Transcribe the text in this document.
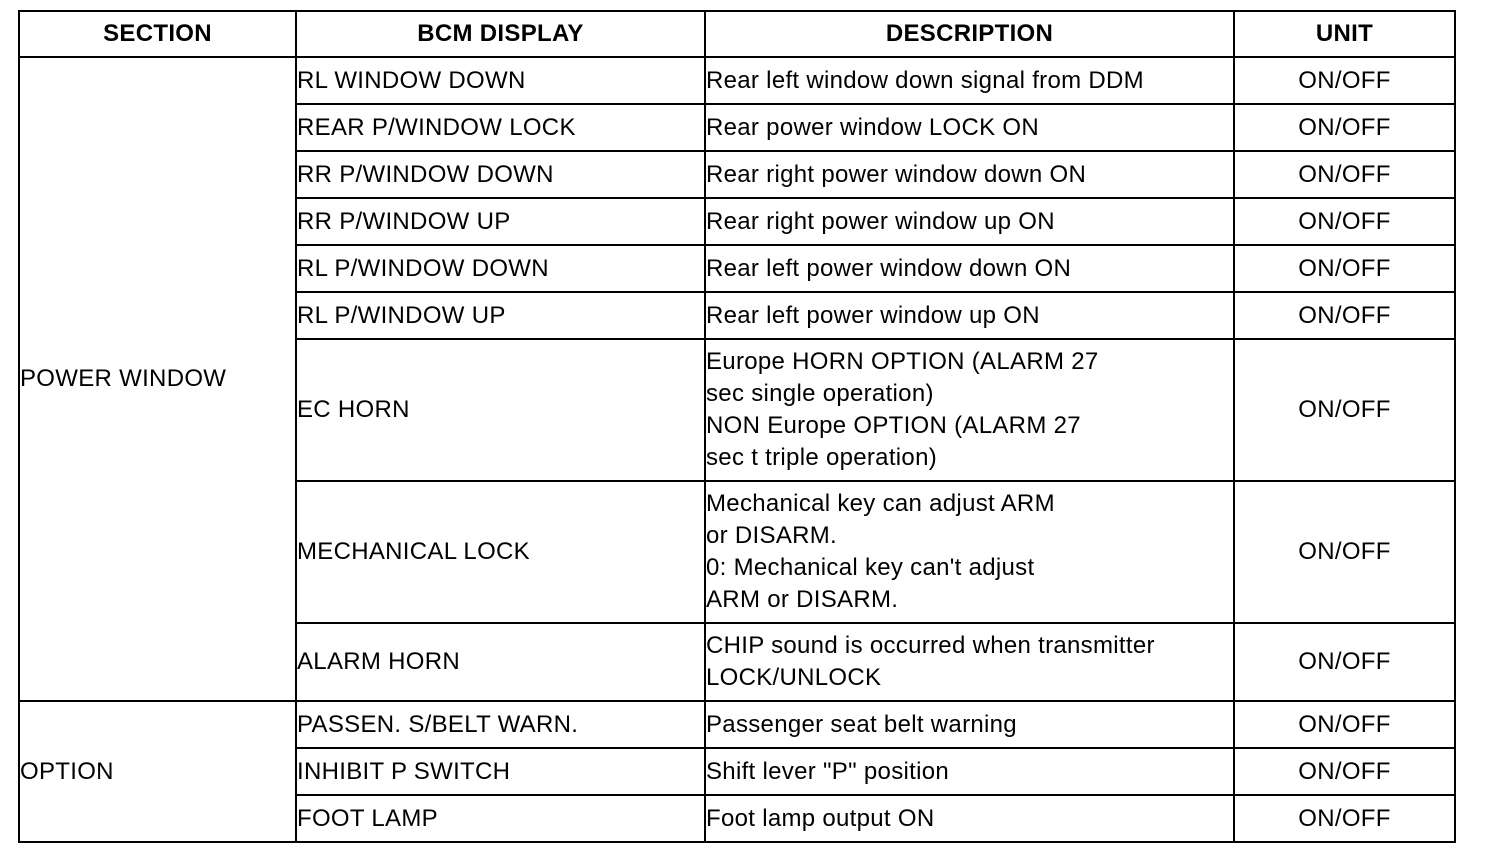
SECTION	BCM DISPLAY	DESCRIPTION	UNIT
POWER WINDOW	RL WINDOW DOWN	Rear left window down signal from DDM	ON/OFF
	REAR P/WINDOW LOCK	Rear power window LOCK ON	ON/OFF
	RR P/WINDOW DOWN	Rear right power window down ON	ON/OFF
	RR P/WINDOW UP	Rear right power window up ON	ON/OFF
	RL P/WINDOW DOWN	Rear left power window down ON	ON/OFF
	RL P/WINDOW UP	Rear left power window up ON	ON/OFF
	EC HORN	Europe HORN OPTION (ALARM 27
sec single operation)
NON Europe OPTION (ALARM 27
sec t triple operation)	ON/OFF
	MECHANICAL LOCK	Mechanical key can adjust ARM
or DISARM.
0: Mechanical key can't adjust
ARM or DISARM.	ON/OFF
	ALARM HORN	CHIP sound is occurred when transmitter
LOCK/UNLOCK	ON/OFF
OPTION	PASSEN. S/BELT WARN.	Passenger seat belt warning	ON/OFF
	INHIBIT P SWITCH	Shift lever "P" position	ON/OFF
	FOOT LAMP	Foot lamp output ON	ON/OFF
